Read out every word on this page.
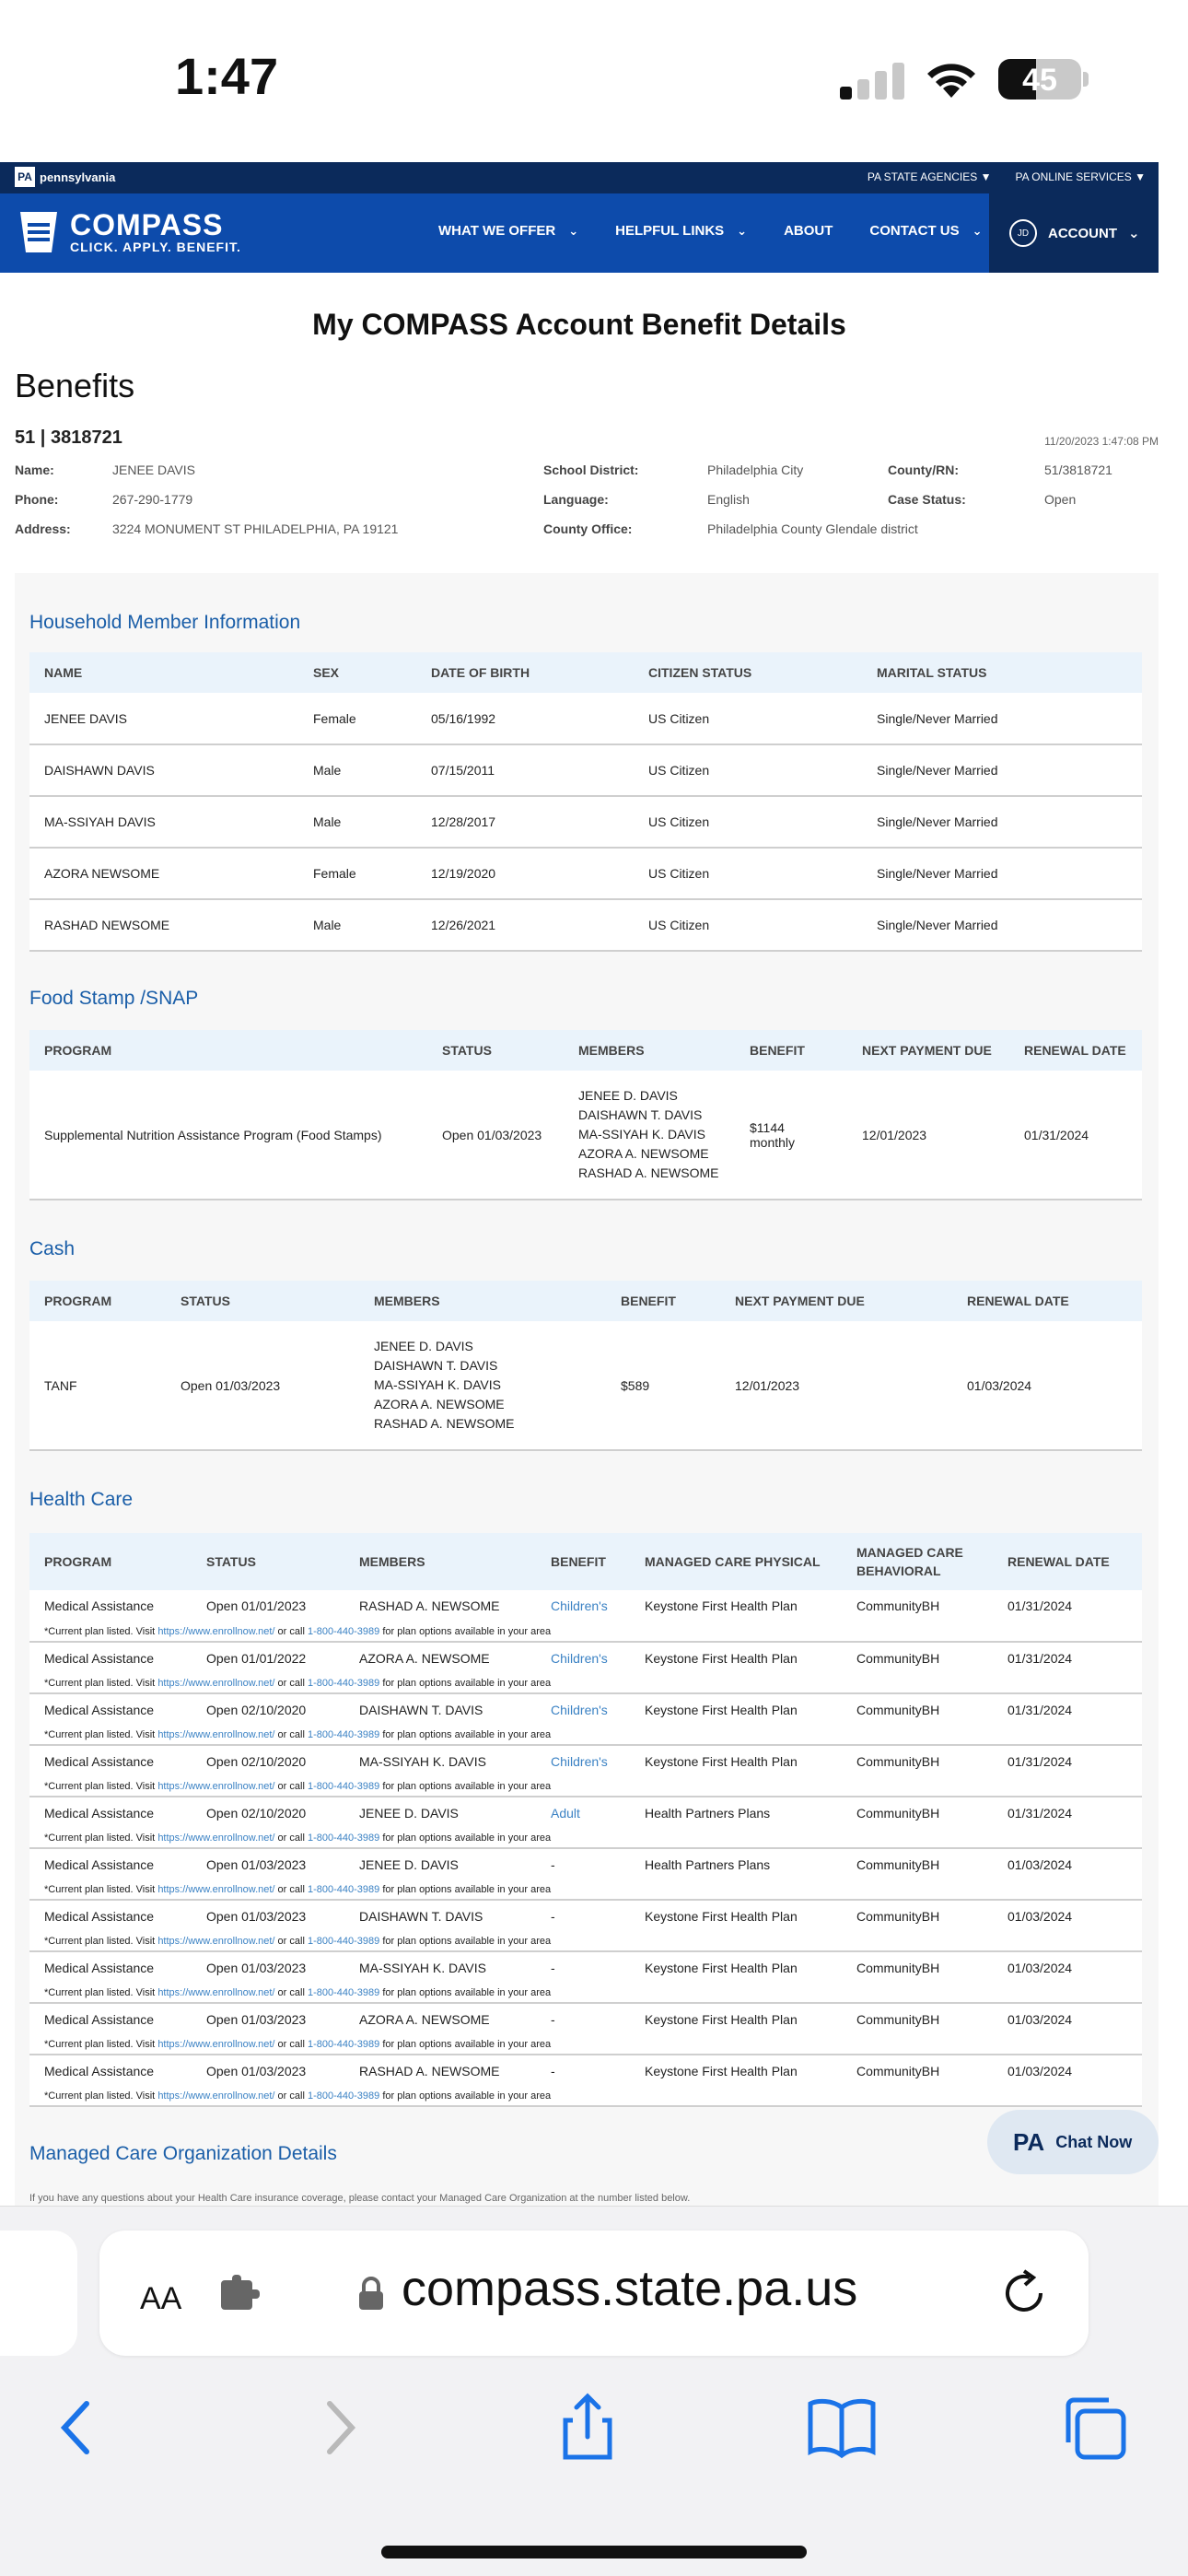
1:47	45
PA pennsylvania	PA STATE AGENCIES ▼ PA ONLINE SERVICES ▼
COMPASS
CLICK. APPLY. BENEFIT.
WHAT WE OFFER ⌄	HELPFUL LINKS ⌄	ABOUT	CONTACT US ⌄	JD	ACCOUNT ⌄
My COMPASS Account Benefit Details
Benefits
51 | 3818721	11/20/2023 1:47:08 PM
Name:	JENEE DAVIS
Phone:	267-290-1779
Address:	3224 MONUMENT ST PHILADELPHIA, PA 19121
School District:	Philadelphia City
Language:	English
County Office:	Philadelphia County Glendale district
County/RN:	51/3818721
Case Status:	Open
Household Member Information
NAME	SEX	DATE OF BIRTH	CITIZEN STATUS	MARITAL STATUS
JENEE DAVIS	Female	05/16/1992	US Citizen	Single/Never Married
DAISHAWN DAVIS	Male	07/15/2011	US Citizen	Single/Never Married
MA-SSIYAH DAVIS	Male	12/28/2017	US Citizen	Single/Never Married
AZORA NEWSOME	Female	12/19/2020	US Citizen	Single/Never Married
RASHAD NEWSOME	Male	12/26/2021	US Citizen	Single/Never Married
Food Stamp /SNAP
PROGRAM	STATUS	MEMBERS	BENEFIT	NEXT PAYMENT DUE	RENEWAL DATE
Supplemental Nutrition Assistance Program (Food Stamps)	Open 01/03/2023	JENEE D. DAVIS
DAISHAWN T. DAVIS
MA-SSIYAH K. DAVIS
AZORA A. NEWSOME
RASHAD A. NEWSOME	$1144 monthly	12/01/2023	01/31/2024
Cash
PROGRAM	STATUS	MEMBERS	BENEFIT	NEXT PAYMENT DUE	RENEWAL DATE
TANF	Open 01/03/2023	JENEE D. DAVIS
DAISHAWN T. DAVIS
MA-SSIYAH K. DAVIS
AZORA A. NEWSOME
RASHAD A. NEWSOME	$589	12/01/2023	01/03/2024
Health Care
PROGRAM	STATUS	MEMBERS	BENEFIT	MANAGED CARE PHYSICAL	MANAGED CARE BEHAVIORAL	RENEWAL DATE
Medical Assistance	Open 01/01/2023	RASHAD A. NEWSOME	Children's	Keystone First Health Plan	CommunityBH	01/31/2024
*Current plan listed. Visit https://www.enrollnow.net/ or call 1-800-440-3989 for plan options available in your area						
Medical Assistance	Open 01/01/2022	AZORA A. NEWSOME	Children's	Keystone First Health Plan	CommunityBH	01/31/2024
*Current plan listed. Visit https://www.enrollnow.net/ or call 1-800-440-3989 for plan options available in your area						
Medical Assistance	Open 02/10/2020	DAISHAWN T. DAVIS	Children's	Keystone First Health Plan	CommunityBH	01/31/2024
*Current plan listed. Visit https://www.enrollnow.net/ or call 1-800-440-3989 for plan options available in your area						
Medical Assistance	Open 02/10/2020	MA-SSIYAH K. DAVIS	Children's	Keystone First Health Plan	CommunityBH	01/31/2024
*Current plan listed. Visit https://www.enrollnow.net/ or call 1-800-440-3989 for plan options available in your area						
Medical Assistance	Open 02/10/2020	JENEE D. DAVIS	Adult	Health Partners Plans	CommunityBH	01/31/2024
*Current plan listed. Visit https://www.enrollnow.net/ or call 1-800-440-3989 for plan options available in your area						
Medical Assistance	Open 01/03/2023	JENEE D. DAVIS	-	Health Partners Plans	CommunityBH	01/03/2024
*Current plan listed. Visit https://www.enrollnow.net/ or call 1-800-440-3989 for plan options available in your area						
Medical Assistance	Open 01/03/2023	DAISHAWN T. DAVIS	-	Keystone First Health Plan	CommunityBH	01/03/2024
*Current plan listed. Visit https://www.enrollnow.net/ or call 1-800-440-3989 for plan options available in your area						
Medical Assistance	Open 01/03/2023	MA-SSIYAH K. DAVIS	-	Keystone First Health Plan	CommunityBH	01/03/2024
*Current plan listed. Visit https://www.enrollnow.net/ or call 1-800-440-3989 for plan options available in your area						
Medical Assistance	Open 01/03/2023	AZORA A. NEWSOME	-	Keystone First Health Plan	CommunityBH	01/03/2024
*Current plan listed. Visit https://www.enrollnow.net/ or call 1-800-440-3989 for plan options available in your area						
Medical Assistance	Open 01/03/2023	RASHAD A. NEWSOME	-	Keystone First Health Plan	CommunityBH	01/03/2024
*Current plan listed. Visit https://www.enrollnow.net/ or call 1-800-440-3989 for plan options available in your area						
Managed Care Organization Details
If you have any questions about your Health Care insurance coverage, please contact your Managed Care Organization at the number listed below.
PA Chat Now
AA	compass.state.pa.us
